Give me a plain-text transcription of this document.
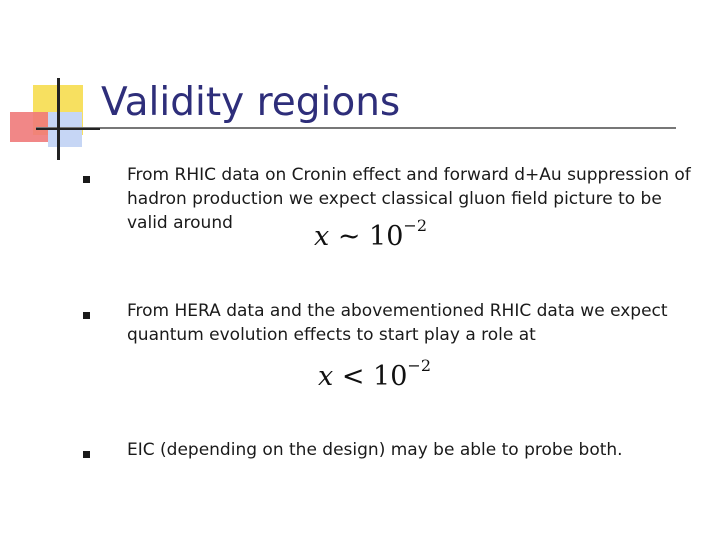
Validity regions
From RHIC data on Cronin effect and forward d+Au suppression of hadron production we expect classical gluon field picture to be valid around	x ~ $10^{-2}$
From HERA data and the abovementioned RHIC data we expect quantum evolution effects to start play a role at
$x < 10^{-2}$
EIC (depending on the design) may be able to probe both.
